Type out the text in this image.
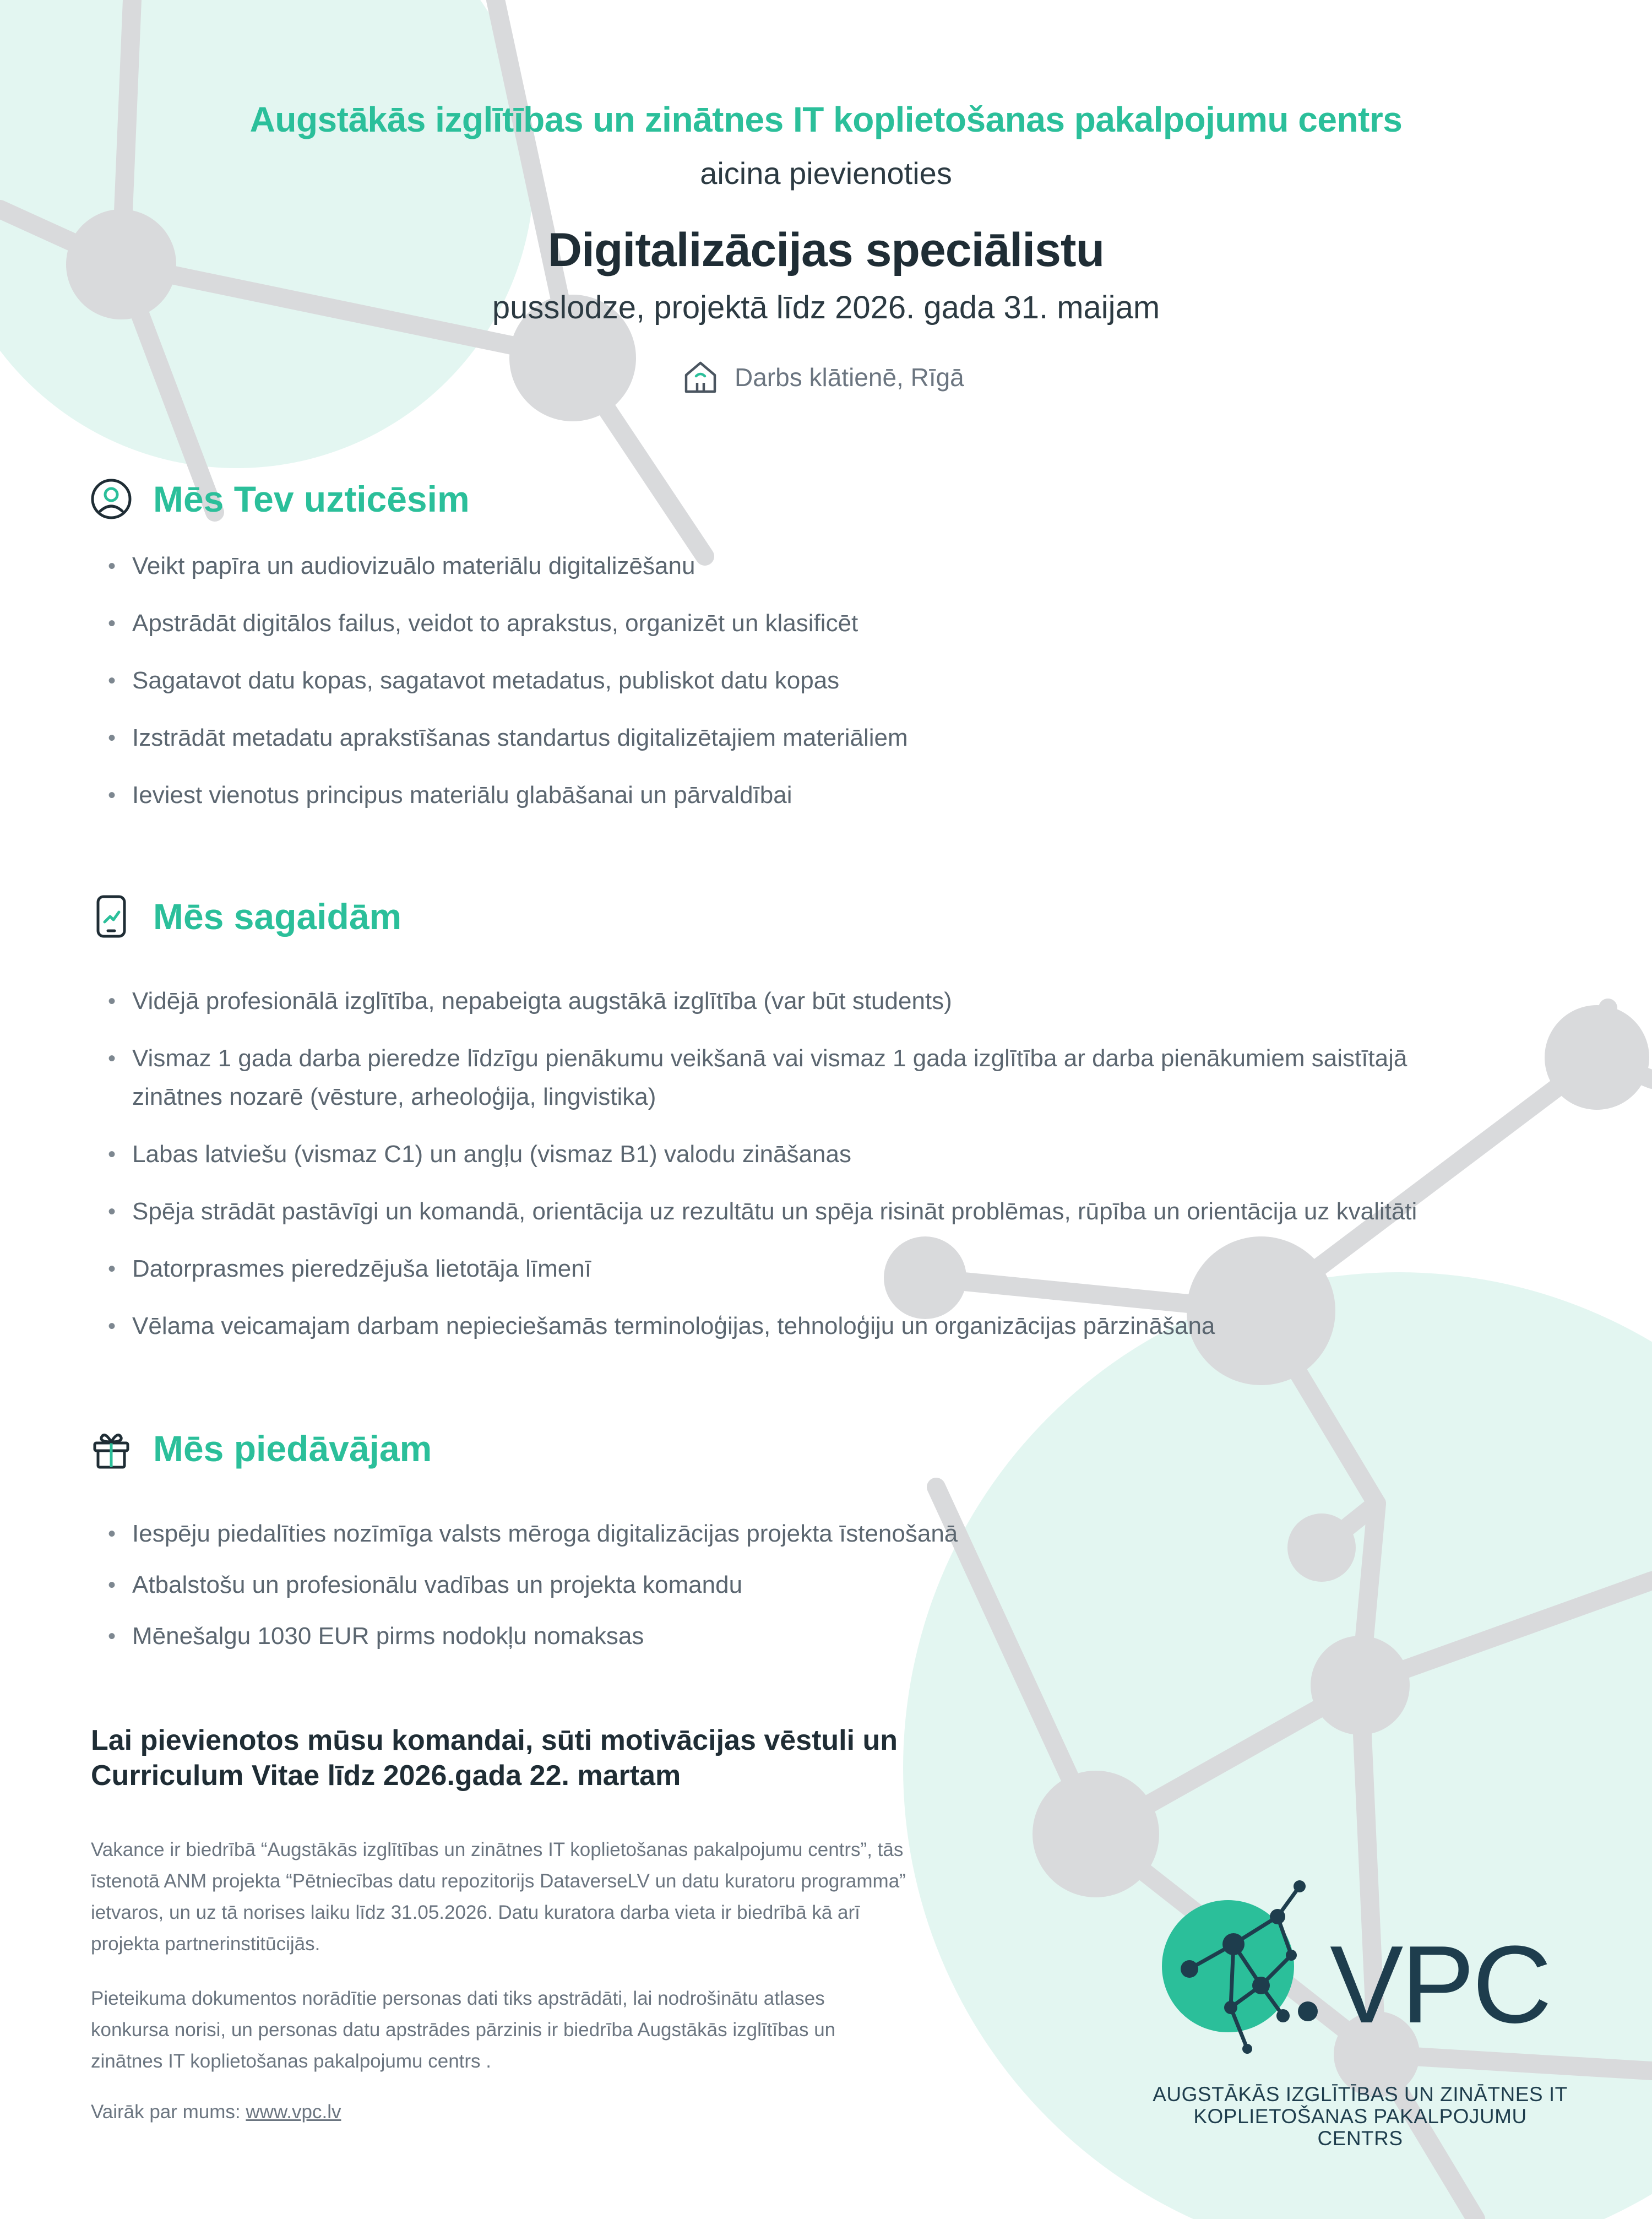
Augstākās izglītības un zinātnes IT koplietošanas pakalpojumu centrs
aicina pievienoties
Digitalizācijas speciālistu
pusslodze, projektā līdz 2026. gada 31. maijam
Darbs klātienē, Rīgā
Mēs Tev uzticēsim
• Veikt papīra un audiovizuālo materiālu digitalizēšanu
• Apstrādāt digitālos failus, veidot to aprakstus, organizēt un klasificēt
• Sagatavot datu kopas, sagatavot metadatus, publiskot datu kopas
• Izstrādāt metadatu aprakstīšanas standartus digitalizētajiem materiāliem
• Ieviest vienotus principus materiālu glabāšanai un pārvaldībai
Mēs sagaidām
• Vidējā profesionālā izglītība, nepabeigta augstākā izglītība (var būt students)
• Vismaz 1 gada darba pieredze līdzīgu pienākumu veikšanā vai vismaz 1 gada izglītība ar darba pienākumiem saistītajā zinātnes nozarē (vēsture, arheoloģija, lingvistika)
• Labas latviešu (vismaz C1) un angļu (vismaz B1) valodu zināšanas
• Spēja strādāt pastāvīgi un komandā, orientācija uz rezultātu un spēja risināt problēmas, rūpība un orientācija uz kvalitāti
• Datorprasmes pieredzējuša lietotāja līmenī
• Vēlama veicamajam darbam nepieciešamās terminoloģijas, tehnoloģiju un organizācijas pārzināšana
Mēs piedāvājam
• Iespēju piedalīties nozīmīga valsts mēroga digitalizācijas projekta īstenošanā
• Atbalstošu un profesionālu vadības un projekta komandu
• Mēnešalgu 1030 EUR pirms nodokļu nomaksas
Lai pievienotos mūsu komandai, sūti motivācijas vēstuli un
Curriculum Vitae līdz 2026.gada 22. martam

Vakance ir biedrībā “Augstākās izglītības un zinātnes IT koplietošanas pakalpojumu centrs”, tās īstenotā ANM projekta “Pētniecības datu repozitorijs DataverseLV un datu kuratoru programma” ietvaros, un uz tā norises laiku līdz 31.05.2026. Datu kuratora darba vieta ir biedrībā kā arī projekta partnerinstitūcijās.

Pieteikuma dokumentos norādītie personas dati tiks apstrādāti, lai nodrošinātu atlases konkursa norisi, un personas datu apstrādes pārzinis ir biedrība Augstākās izglītības un zinātnes IT koplietošanas pakalpojumu centrs .

Vairāk par mums: www.vpc.lv

VPC
AUGSTĀKĀS IZGLĪTĪBAS UN ZINĀTNES IT
KOPLIETOŠANAS PAKALPOJUMU CENTRS
